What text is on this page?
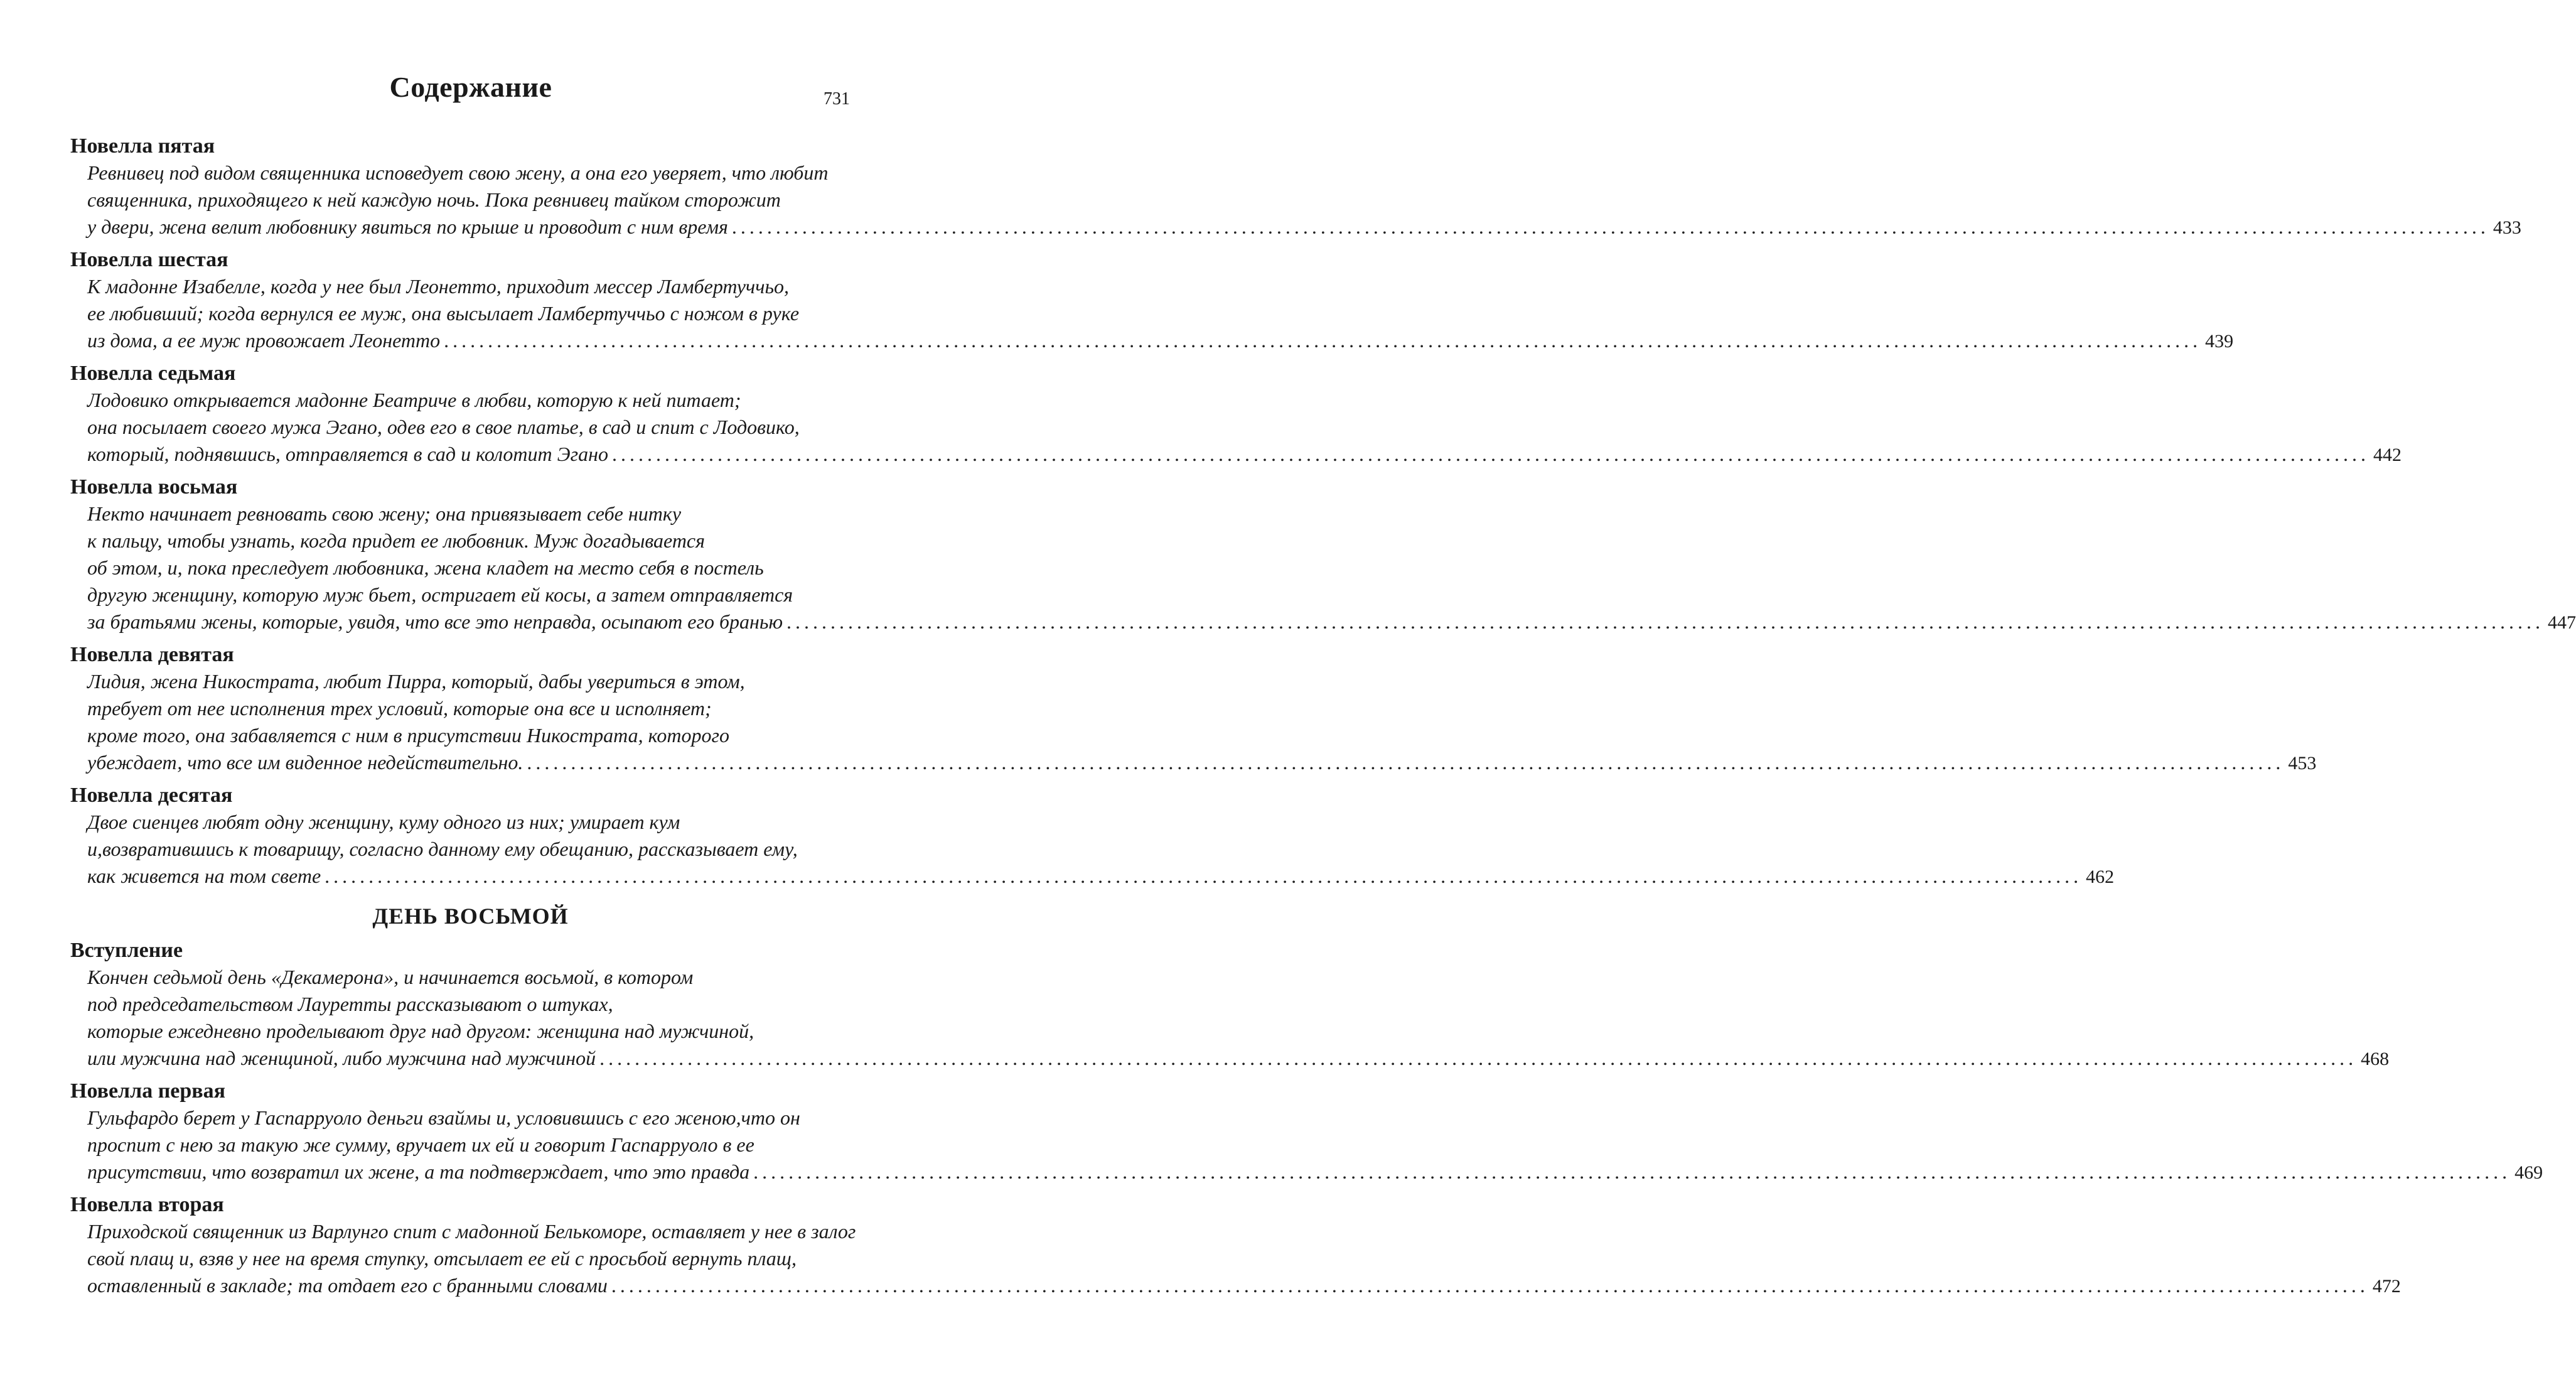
Содержание	731
Новелла пятая
Ревнивец под видом священника исповедует свою жену, а она его уверяет, что любит
священника, приходящего к ней каждую ночь. Пока ревнивец тайком сторожит
у двери, жена велит любовнику явиться по крыше и проводит с ним время ........................................................................................................................................................................................................ 433
Новелла шестая
К мадонне Изабелле, когда у нее был Леонетто, приходит мессер Ламбертуччьо,
ее любивший; когда вернулся ее муж, она высылает Ламбертуччьо с ножом в руке
из дома, а ее муж провожает Леонетто ........................................................................................................................................................................................................ 439
Новелла седьмая
Лодовико открывается мадонне Беатриче в любви, которую к ней питает;
она посылает своего мужа Эгано, одев его в свое платье, в сад и спит с Лодовико,
который, поднявшись, отправляется в сад и колотит Эгано ........................................................................................................................................................................................................ 442
Новелла восьмая
Некто начинает ревновать свою жену; она привязывает себе нитку
к пальцу, чтобы узнать, когда придет ее любовник. Муж догадывается
об этом, и, пока преследует любовника, жена кладет на место себя в постель
другую женщину, которую муж бьет, остригает ей косы, а затем отправляется
за братьями жены, которые, увидя, что все это неправда, осыпают его бранью ........................................................................................................................................................................................................ 447
Новелла девятая
Лидия, жена Никострата, любит Пирра, который, дабы увериться в этом,
требует от нее исполнения трех условий, которые она все и исполняет;
кроме того, она забавляется с ним в присутствии Никострата, которого
убеждает, что все им виденное недействительно. ........................................................................................................................................................................................................ 453
Новелла десятая
Двое сиенцев любят одну женщину, куму одного из них; умирает кум
и,возвратившись к товарищу, согласно данному ему обещанию, рассказывает ему,
как живется на том свете ........................................................................................................................................................................................................ 462
ДЕНЬ ВОСЬМОЙ
Вступление
Кончен седьмой день «Декамерона», и начинается восьмой, в котором
под председательством Лауретты рассказывают о штуках,
которые ежедневно проделывают друг над другом: женщина над мужчиной,
или мужчина над женщиной, либо мужчина над мужчиной ........................................................................................................................................................................................................ 468
Новелла первая
Гульфардо берет у Гаспарруоло деньги взаймы и, условившись с его женою,что он
проспит с нею за такую же сумму, вручает их ей и говорит Гаспарруоло в ее
присутствии, что возвратил их жене, а та подтверждает, что это правда ........................................................................................................................................................................................................ 469
Новелла вторая
Приходской священник из Варлунго спит с мадонной Белькоморе, оставляет у нее в залог
свой плащ и, взяв у нее на время ступку, отсылает ее ей с просьбой вернуть плащ,
оставленный в закладе; та отдает его с бранными словами ........................................................................................................................................................................................................ 472
